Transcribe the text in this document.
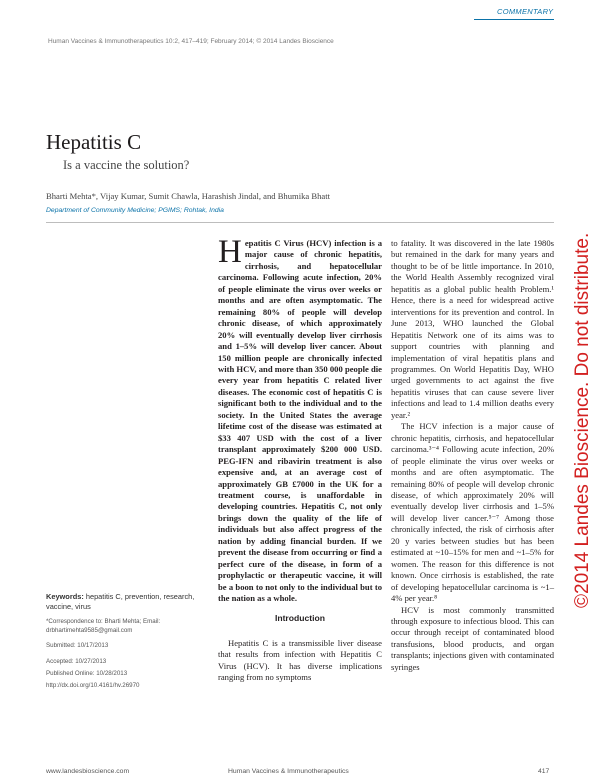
COMMENTARY
Human Vaccines & Immunotherapeutics 10:2, 417–419; February 2014; © 2014 Landes Bioscience
Hepatitis C
Is a vaccine the solution?
Bharti Mehta*, Vijay Kumar, Sumit Chawla, Harashish Jindal, and Bhumika Bhatt
Department of Community Medicine; PGIMS; Rohtak, India
©2014 Landes Bioscience. Do not distribute.
Keywords: hepatitis C, prevention, research, vaccine, virus
*Correspondence to: Bharti Mehta; Email: drbhartimehta9585@gmail.com
Submitted: 10/17/2013
Accepted: 10/27/2013
Published Online: 10/28/2013
http://dx.doi.org/10.4161/hv.26970

Hepatitis C Virus (HCV) infection is a major cause of chronic hepatitis, cirrhosis, and hepatocellular carcinoma. Following acute infection, 20% of people eliminate the virus over weeks or months and are often asymptomatic. The remaining 80% of people will develop chronic disease, of which approximately 20% will eventually develop liver cirrhosis and 1–5% will develop liver cancer. About 150 million people are chronically infected with HCV, and more than 350 000 people die every year from hepatitis C related liver diseases. The economic cost of hepatitis C is significant both to the individual and to the society. In the United States the average lifetime cost of the disease was estimated at $33 407 USD with the cost of a liver transplant approximately $200 000 USD. PEG-IFN and ribavirin treatment is also expensive and, at an average cost of approximately GB £7000 in the UK for a treatment course, is unaffordable in developing countries. Hepatitis C, not only brings down the quality of the life of individuals but also affect progress of the nation by adding financial burden. If we prevent the disease from occurring or find a perfect cure of the disease, in form of a prophylactic or therapeutic vaccine, it will be a boon to not only to the individual but to the nation as a whole.

Introduction

Hepatitis C is a transmissible liver disease that results from infection with Hepatitis C Virus (HCV). It has diverse implications ranging from no symptoms

to fatality. It was discovered in the late 1980s but remained in the dark for many years and thought to be of be little importance. In 2010, the World Health Assembly recognized viral hepatitis as a global public health Problem.¹ Hence, there is a need for widespread active interventions for its prevention and control. In June 2013, WHO launched the Global Hepatitis Network one of its aims was to support countries with planning and implementation of viral hepatitis plans and programmes. On World Hepatitis Day, WHO urged governments to act against the five hepatitis viruses that can cause severe liver infections and lead to 1.4 million deaths every year.²

The HCV infection is a major cause of chronic hepatitis, cirrhosis, and hepatocellular carcinoma.³⁻⁴ Following acute infection, 20% of people eliminate the virus over weeks or months and are often asymptomatic. The remaining 80% of people will develop chronic disease, of which approximately 20% will eventually develop liver cirrhosis and 1–5% will develop liver cancer.⁵⁻⁷ Among those chronically infected, the risk of cirrhosis after 20 y varies between studies but has been estimated at ~10–15% for men and ~1–5% for women. The reason for this difference is not known. Once cirrhosis is established, the rate of developing hepatocellular carcinoma is ~1–4% per year.⁸

HCV is most commonly transmitted through exposure to infectious blood. This can occur through receipt of contaminated blood transfusions, blood products, and organ transplants; injections given with contaminated syringes

www.landesbioscience.com	Human Vaccines & Immunotherapeutics	417
